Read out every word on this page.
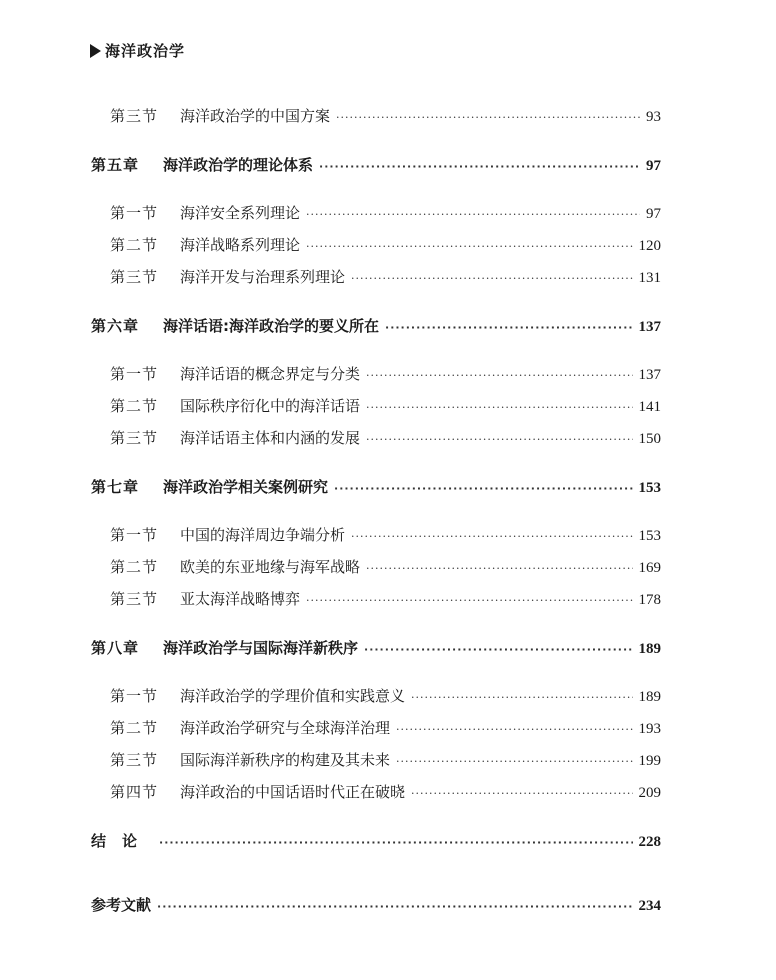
海洋政治学
第三节	海洋政治学的中国方案 ·····	93
第五章	海洋政治学的理论体系 ·····	97
第一节	海洋安全系列理论 ·····	97
第二节	海洋战略系列理论 ·····	120
第三节	海洋开发与治理系列理论 ·····	131
第六章	海洋话语:海洋政治学的要义所在 ·····	137
第一节	海洋话语的概念界定与分类 ·····	137
第二节	国际秩序衍化中的海洋话语 ·····	141
第三节	海洋话语主体和内涵的发展 ·····	150
第七章	海洋政治学相关案例研究 ·····	153
第一节	中国的海洋周边争端分析 ·····	153
第二节	欧美的东亚地缘与海军战略 ·····	169
第三节	亚太海洋战略博弈 ·····	178
第八章	海洋政治学与国际海洋新秩序 ·····	189
第一节	海洋政治学的学理价值和实践意义 ·····	189
第二节	海洋政治学研究与全球海洋治理 ·····	193
第三节	国际海洋新秩序的构建及其未来 ·····	199
第四节	海洋政治的中国话语时代正在破晓 ·····	209
结论 ·····	228
参考文献 ·····	234
